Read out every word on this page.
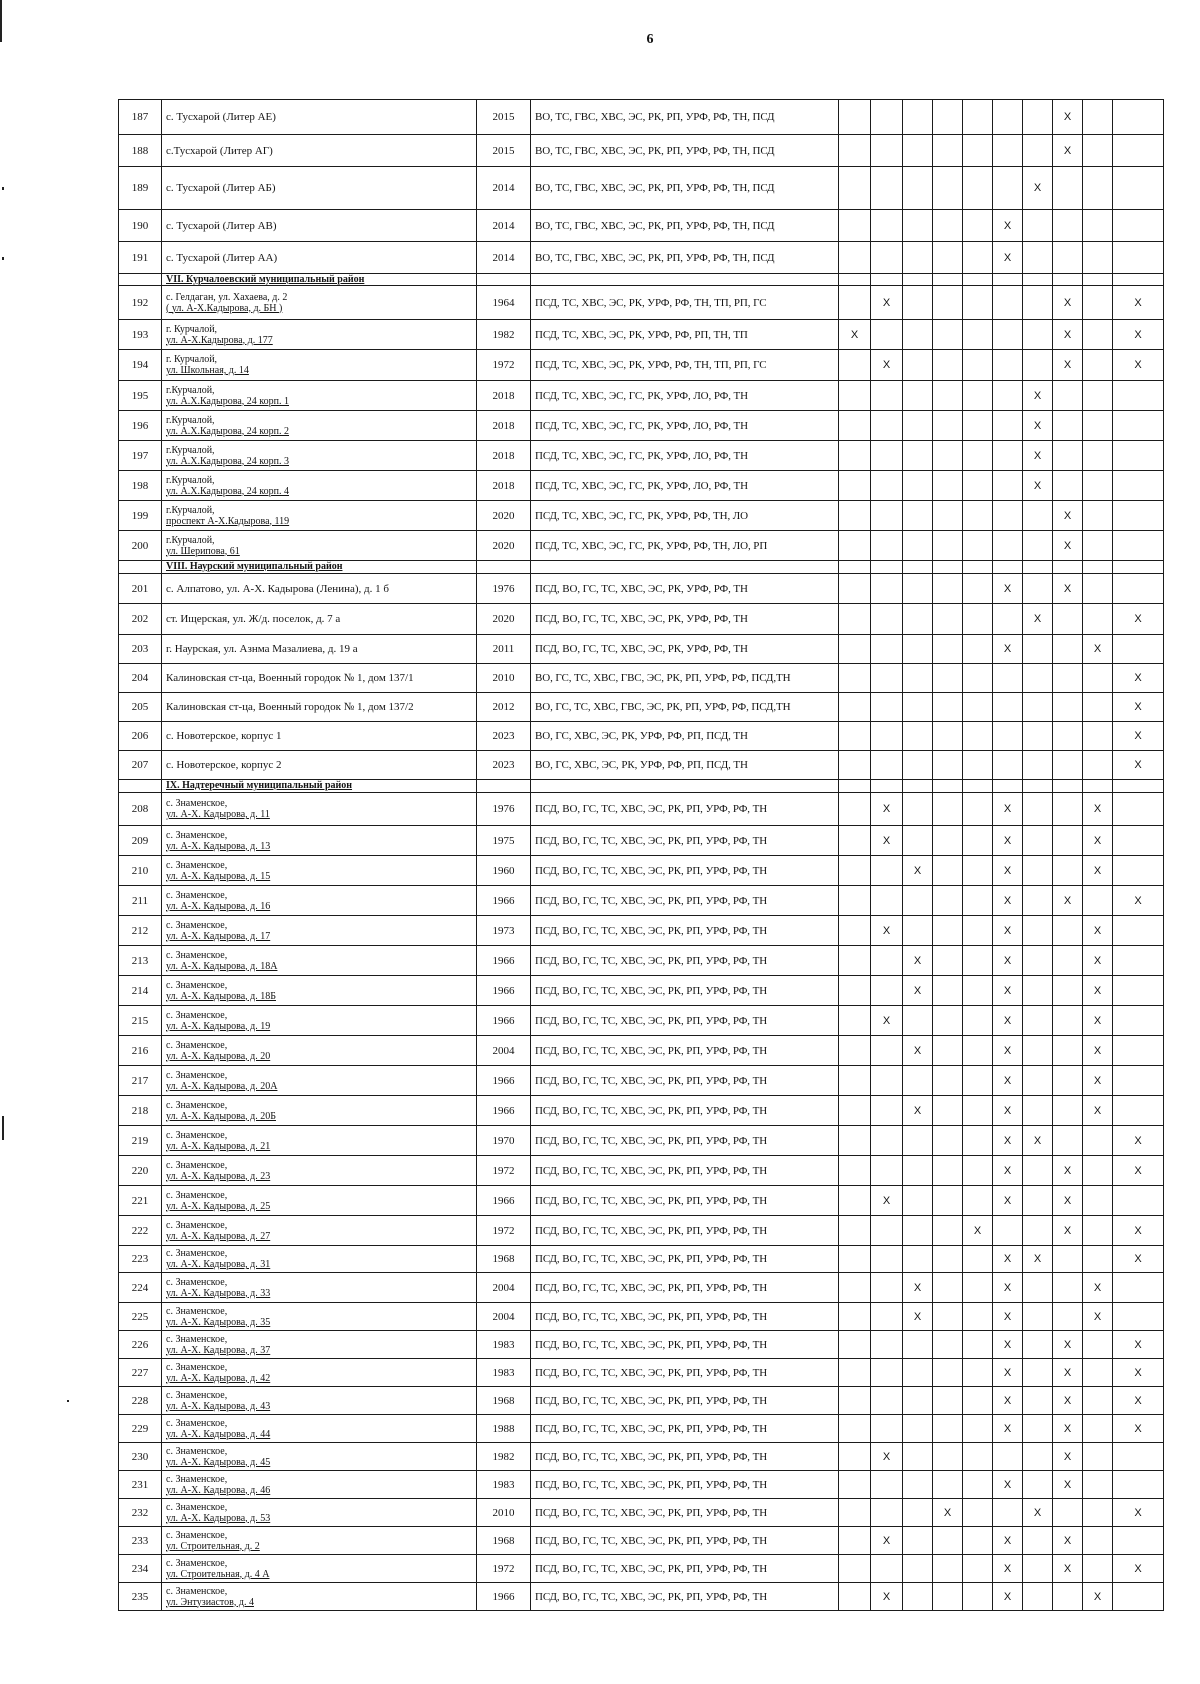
6
187	с. Тусхарой (Литер АЕ)	2015	ВО, ТС, ГВС, ХВС, ЭС, РК, РП, УРФ, РФ, ТН, ПСД								X		
188	с.Тусхарой (Литер АГ)	2015	ВО, ТС, ГВС, ХВС, ЭС, РК, РП, УРФ, РФ, ТН, ПСД								X		
189	с. Тусхарой (Литер АБ)	2014	ВО, ТС, ГВС, ХВС, ЭС, РК, РП, УРФ, РФ, ТН, ПСД							X			
190	с. Тусхарой (Литер АВ)	2014	ВО, ТС, ГВС, ХВС, ЭС, РК, РП, УРФ, РФ, ТН, ПСД						X				
191	с. Тусхарой (Литер АА)	2014	ВО, ТС, ГВС, ХВС, ЭС, РК, РП, УРФ, РФ, ТН, ПСД						X				
	VII. Курчалоевский муниципальный район												
192	с. Гелдаган, ул. Хахаева, д. 2
( ул. А-Х.Кадырова, д. БН )	1964	ПСД, ТС, ХВС, ЭС, РК, УРФ, РФ, ТН, ТП, РП, ГС		X						X		X
193	г. Курчалой,
ул. А-Х.Кадырова, д. 177	1982	ПСД, ТС, ХВС, ЭС, РК, УРФ, РФ, РП, ТН, ТП	X							X		X
194	г. Курчалой,
ул. Школьная, д. 14	1972	ПСД, ТС, ХВС, ЭС, РК, УРФ, РФ, ТН, ТП, РП, ГС		X						X		X
195	г.Курчалой,
ул. А.Х.Кадырова, 24 корп. 1	2018	ПСД, ТС, ХВС, ЭС, ГС, РК, УРФ, ЛО, РФ, ТН							X			
196	г.Курчалой,
ул. А.Х.Кадырова, 24 корп. 2	2018	ПСД, ТС, ХВС, ЭС, ГС, РК, УРФ, ЛО, РФ, ТН							X			
197	г.Курчалой,
ул. А.Х.Кадырова, 24 корп. 3	2018	ПСД, ТС, ХВС, ЭС, ГС, РК, УРФ, ЛО, РФ, ТН							X			
198	г.Курчалой,
ул. А.Х.Кадырова, 24 корп. 4	2018	ПСД, ТС, ХВС, ЭС, ГС, РК, УРФ, ЛО, РФ, ТН							X			
199	г.Курчалой,
проспект А-Х.Кадырова, 119	2020	ПСД, ТС, ХВС, ЭС, ГС, РК, УРФ, РФ, ТН, ЛО								X		
200	г.Курчалой,
ул. Шерипова, 61	2020	ПСД, ТС, ХВС, ЭС, ГС, РК, УРФ, РФ, ТН, ЛО, РП								X		
	VIII. Наурский муниципальный район												
201	с. Алпатово, ул. А-Х. Кадырова (Ленина), д. 1 б	1976	ПСД, ВО, ГС, ТС, ХВС, ЭС, РК, УРФ, РФ, ТН						X		X		
202	ст. Ищерская, ул. Ж/д. поселок, д. 7 а	2020	ПСД, ВО, ГС, ТС, ХВС, ЭС, РК, УРФ, РФ, ТН							X			X
203	г. Наурская, ул. Азнма Мазалиева, д. 19 а	2011	ПСД, ВО, ГС, ТС, ХВС, ЭС, РК, УРФ, РФ, ТН						X			X	
204	Калиновская ст-ца, Военный городок № 1, дом 137/1	2010	ВО, ГС, ТС, ХВС, ГВС, ЭС, РК, РП, УРФ, РФ, ПСД,ТН										X
205	Калиновская ст-ца, Военный городок № 1, дом 137/2	2012	ВО, ГС, ТС, ХВС, ГВС, ЭС, РК, РП, УРФ, РФ, ПСД,ТН										X
206	с. Новотерское, корпус 1	2023	ВО, ГС, ХВС, ЭС, РК, УРФ, РФ, РП, ПСД, ТН										X
207	с. Новотерское, корпус 2	2023	ВО, ГС, ХВС, ЭС, РК, УРФ, РФ, РП, ПСД, ТН										X
	IX. Надтеречный муниципальный район												
208	с. Знаменское,
ул. А-Х. Кадырова, д. 11	1976	ПСД, ВО, ГС, ТС, ХВС, ЭС, РК, РП, УРФ, РФ, ТН		X				X			X	
209	с. Знаменское,
ул. А-Х. Кадырова, д. 13	1975	ПСД, ВО, ГС, ТС, ХВС, ЭС, РК, РП, УРФ, РФ, ТН		X				X			X	
210	с. Знаменское,
ул. А-Х. Кадырова, д. 15	1960	ПСД, ВО, ГС, ТС, ХВС, ЭС, РК, РП, УРФ, РФ, ТН			X			X			X	
211	с. Знаменское,
ул. А-Х. Кадырова, д. 16	1966	ПСД, ВО, ГС, ТС, ХВС, ЭС, РК, РП, УРФ, РФ, ТН						X		X		X
212	с. Знаменское,
ул. А-Х. Кадырова, д. 17	1973	ПСД, ВО, ГС, ТС, ХВС, ЭС, РК, РП, УРФ, РФ, ТН		X				X			X	
213	с. Знаменское,
ул. А-Х. Кадырова, д. 18А	1966	ПСД, ВО, ГС, ТС, ХВС, ЭС, РК, РП, УРФ, РФ, ТН			X			X			X	
214	с. Знаменское,
ул. А-Х. Кадырова, д. 18Б	1966	ПСД, ВО, ГС, ТС, ХВС, ЭС, РК, РП, УРФ, РФ, ТН			X			X			X	
215	с. Знаменское,
ул. А-Х. Кадырова, д. 19	1966	ПСД, ВО, ГС, ТС, ХВС, ЭС, РК, РП, УРФ, РФ, ТН		X				X			X	
216	с. Знаменское,
ул. А-Х. Кадырова, д. 20	2004	ПСД, ВО, ГС, ТС, ХВС, ЭС, РК, РП, УРФ, РФ, ТН			X			X			X	
217	с. Знаменское,
ул. А-Х. Кадырова, д. 20А	1966	ПСД, ВО, ГС, ТС, ХВС, ЭС, РК, РП, УРФ, РФ, ТН						X			X	
218	с. Знаменское,
ул. А-Х. Кадырова, д. 20Б	1966	ПСД, ВО, ГС, ТС, ХВС, ЭС, РК, РП, УРФ, РФ, ТН			X			X			X	
219	с. Знаменское,
ул. А-Х. Кадырова, д. 21	1970	ПСД, ВО, ГС, ТС, ХВС, ЭС, РК, РП, УРФ, РФ, ТН						X	X			X
220	с. Знаменское,
ул. А-Х. Кадырова, д. 23	1972	ПСД, ВО, ГС, ТС, ХВС, ЭС, РК, РП, УРФ, РФ, ТН						X		X		X
221	с. Знаменское,
ул. А-Х. Кадырова, д. 25	1966	ПСД, ВО, ГС, ТС, ХВС, ЭС, РК, РП, УРФ, РФ, ТН		X				X		X		
222	с. Знаменское,
ул. А-Х. Кадырова, д. 27	1972	ПСД, ВО, ГС, ТС, ХВС, ЭС, РК, РП, УРФ, РФ, ТН					X			X		X
223	с. Знаменское,
ул. А-Х. Кадырова, д. 31	1968	ПСД, ВО, ГС, ТС, ХВС, ЭС, РК, РП, УРФ, РФ, ТН						X	X			X
224	с. Знаменское,
ул. А-Х. Кадырова, д. 33	2004	ПСД, ВО, ГС, ТС, ХВС, ЭС, РК, РП, УРФ, РФ, ТН			X			X			X	
225	с. Знаменское,
ул. А-Х. Кадырова, д. 35	2004	ПСД, ВО, ГС, ТС, ХВС, ЭС, РК, РП, УРФ, РФ, ТН			X			X			X	
226	с. Знаменское,
ул. А-Х. Кадырова, д. 37	1983	ПСД, ВО, ГС, ТС, ХВС, ЭС, РК, РП, УРФ, РФ, ТН						X		X		X
227	с. Знаменское,
ул. А-Х. Кадырова, д. 42	1983	ПСД, ВО, ГС, ТС, ХВС, ЭС, РК, РП, УРФ, РФ, ТН						X		X		X
228	с. Знаменское,
ул. А-Х. Кадырова, д. 43	1968	ПСД, ВО, ГС, ТС, ХВС, ЭС, РК, РП, УРФ, РФ, ТН						X		X		X
229	с. Знаменское,
ул. А-Х. Кадырова, д. 44	1988	ПСД, ВО, ГС, ТС, ХВС, ЭС, РК, РП, УРФ, РФ, ТН						X		X		X
230	с. Знаменское,
ул. А-Х. Кадырова, д. 45	1982	ПСД, ВО, ГС, ТС, ХВС, ЭС, РК, РП, УРФ, РФ, ТН		X						X		
231	с. Знаменское,
ул. А-Х. Кадырова, д. 46	1983	ПСД, ВО, ГС, ТС, ХВС, ЭС, РК, РП, УРФ, РФ, ТН						X		X		
232	с. Знаменское,
ул. А-Х. Кадырова, д. 53	2010	ПСД, ВО, ГС, ТС, ХВС, ЭС, РК, РП, УРФ, РФ, ТН				X			X			X
233	с. Знаменское,
ул. Строительная, д. 2	1968	ПСД, ВО, ГС, ТС, ХВС, ЭС, РК, РП, УРФ, РФ, ТН		X				X		X		
234	с. Знаменское,
ул. Строительная, д. 4 А	1972	ПСД, ВО, ГС, ТС, ХВС, ЭС, РК, РП, УРФ, РФ, ТН						X		X		X
235	с. Знаменское,
ул. Энтузиастов, д. 4	1966	ПСД, ВО, ГС, ТС, ХВС, ЭС, РК, РП, УРФ, РФ, ТН		X				X			X	
